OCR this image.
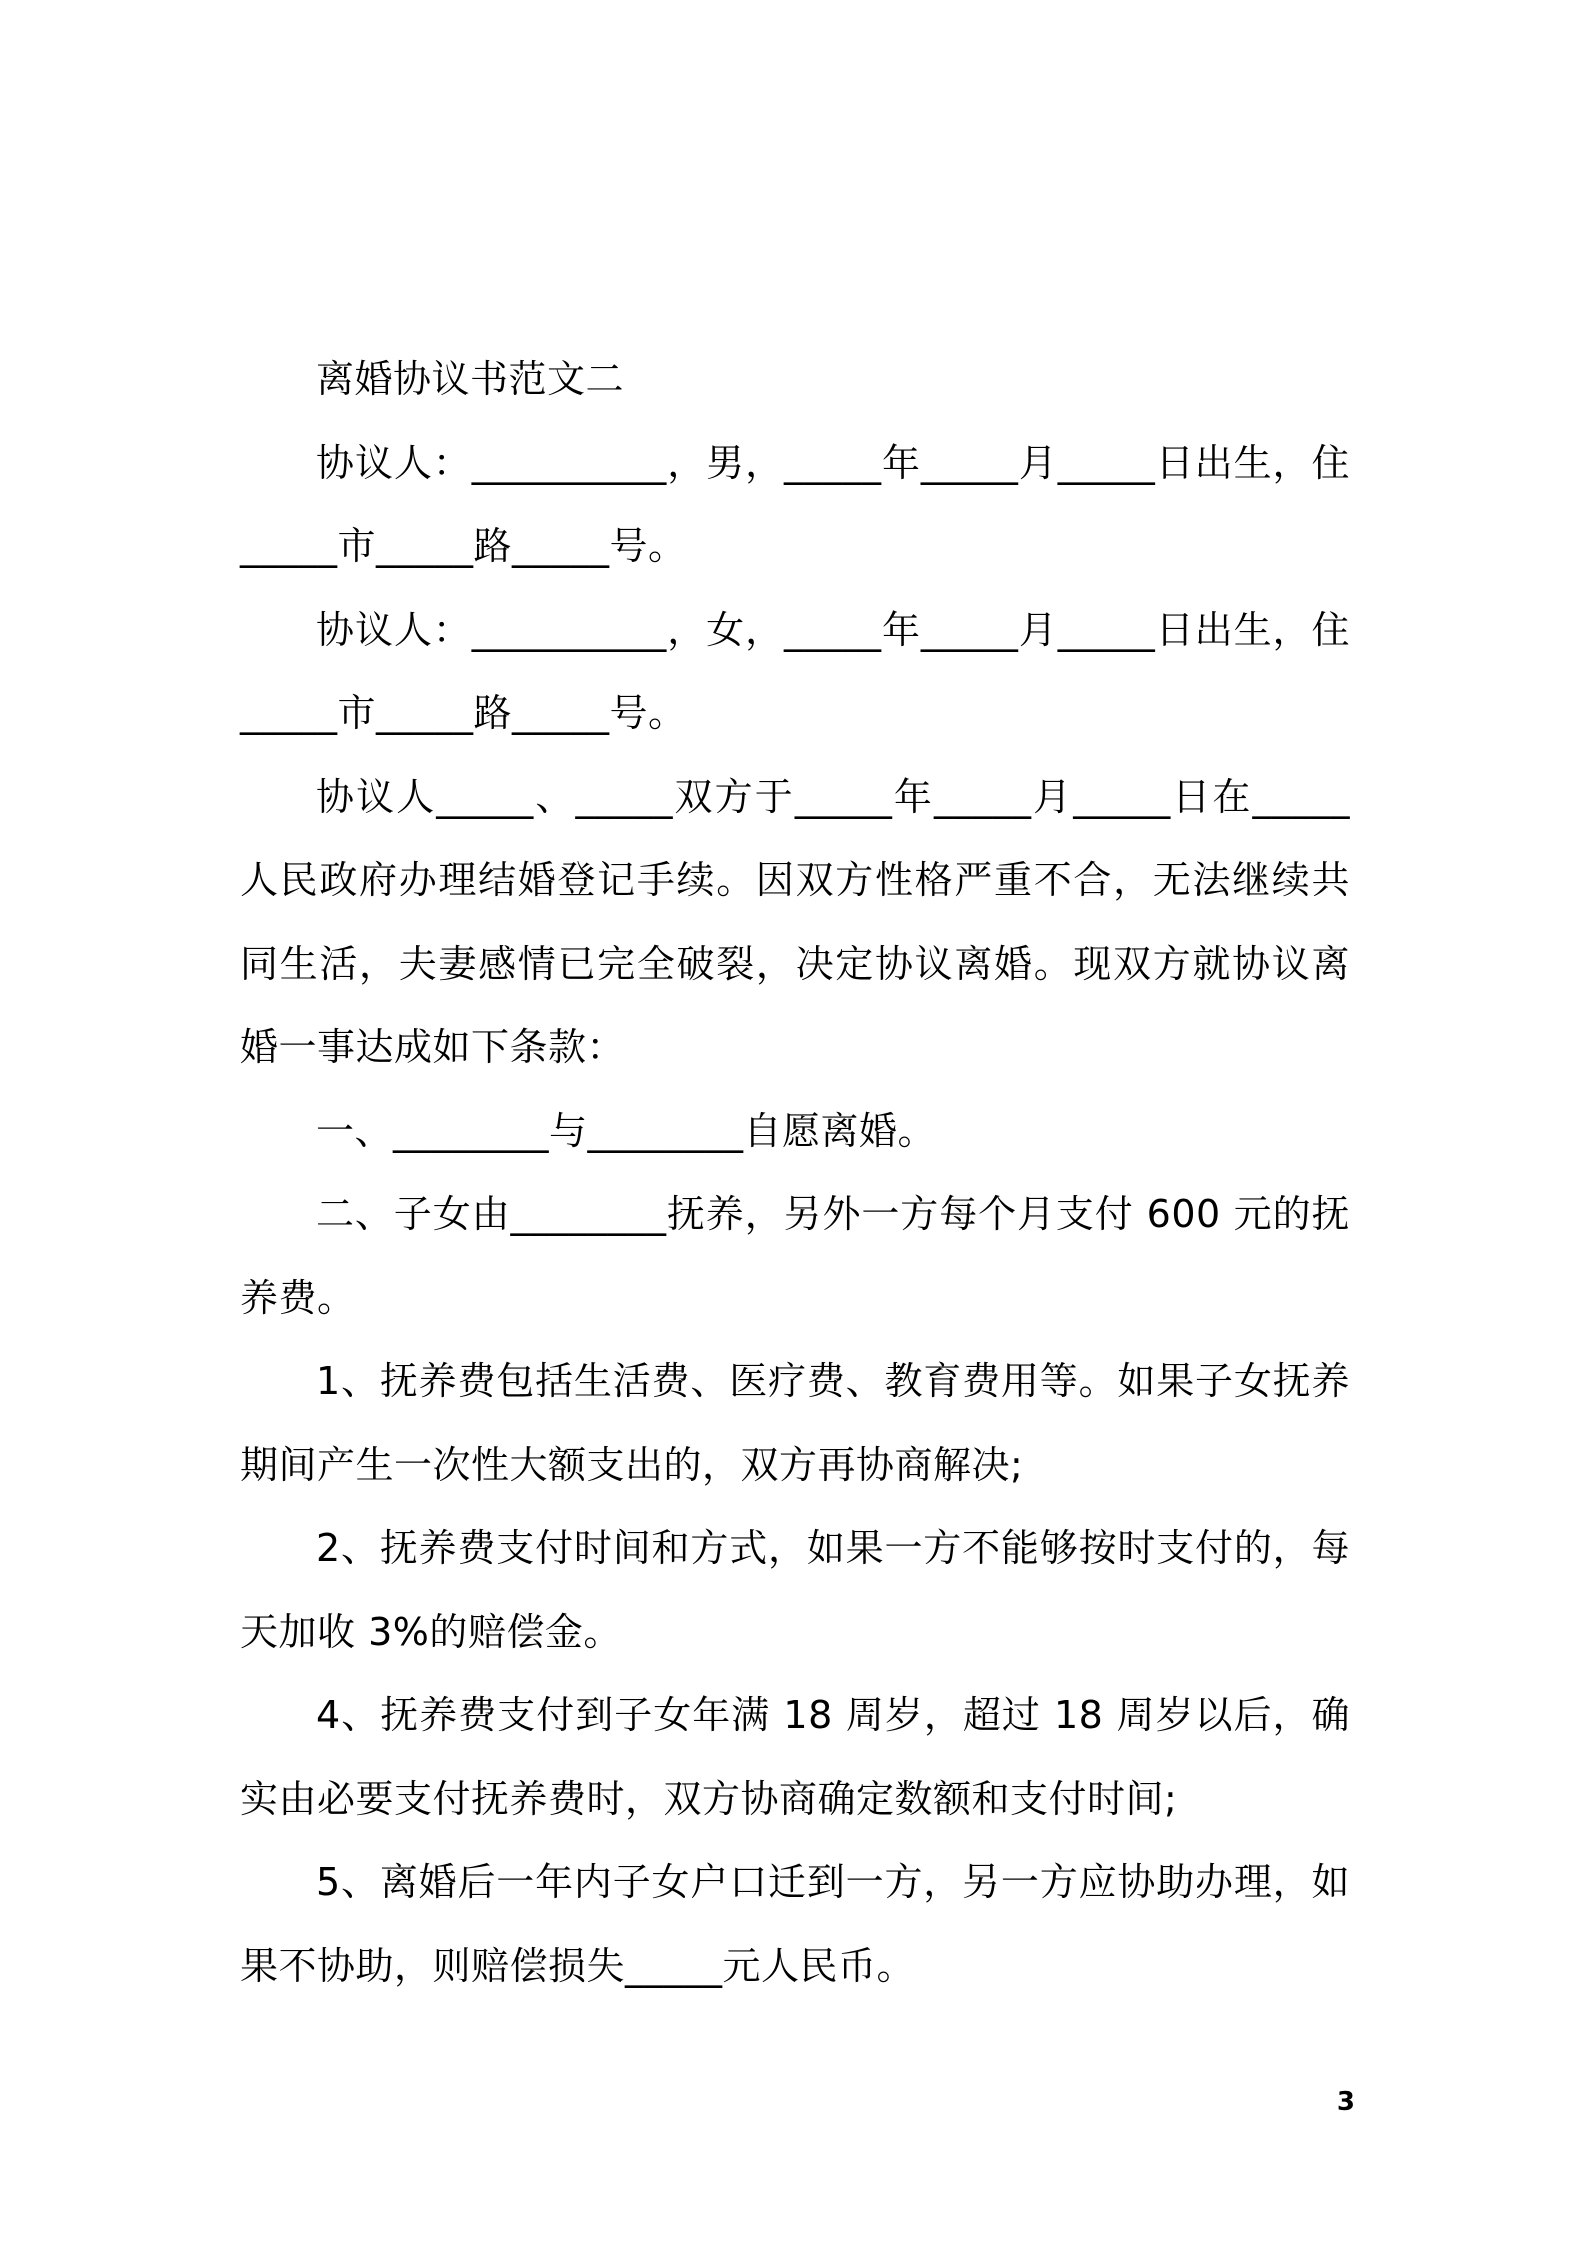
离婚协议书范文二

协议人：__________，男，_____年_____月_____日出生，住_____市_____路_____号。

协议人：__________，女，_____年_____月_____日出生，住_____市_____路_____号。

协议人_____、_____双方于_____年_____月_____日在_____人民政府办理结婚登记手续。因双方性格严重不合，无法继续共同生活，夫妻感情已完全破裂，决定协议离婚。现双方就协议离婚一事达成如下条款：

一、________与________自愿离婚。

二、子女由________抚养，另外一方每个月支付 600 元的抚养费。

1、抚养费包括生活费、医疗费、教育费用等。如果子女抚养期间产生一次性大额支出的，双方再协商解决;

2、抚养费支付时间和方式，如果一方不能够按时支付的，每天加收 3%的赔偿金。

4、抚养费支付到子女年满 18 周岁，超过 18 周岁以后，确实由必要支付抚养费时，双方协商确定数额和支付时间;

5、离婚后一年内子女户口迁到一方，另一方应协助办理，如果不协助，则赔偿损失_____元人民币。

3
